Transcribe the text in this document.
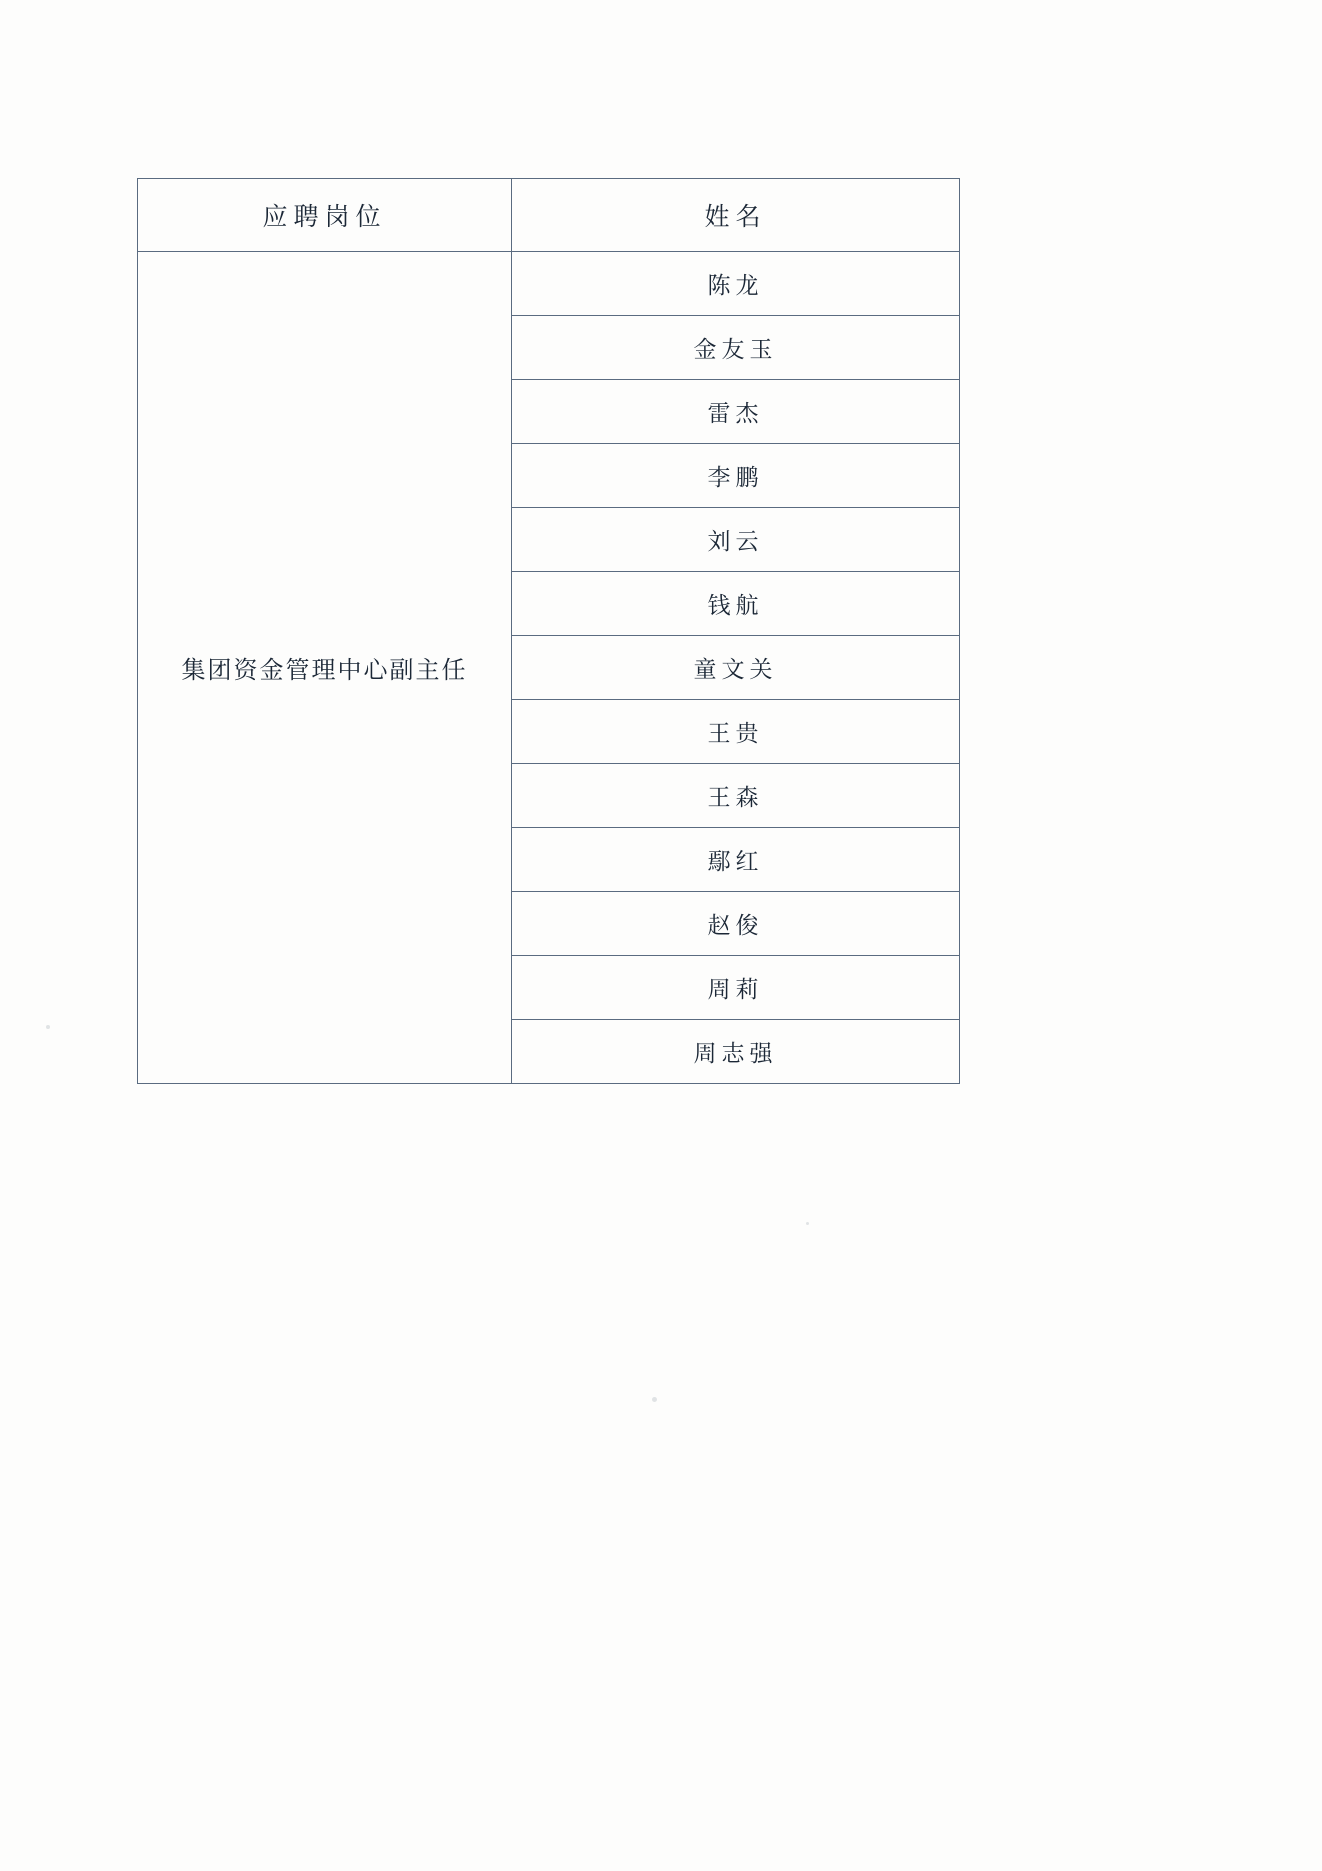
应聘岗位	姓名
集团资金管理中心副主任	陈龙
	金友玉
	雷杰
	李鹏
	刘云
	钱航
	童文关
	王贵
	王森
	鄢红
	赵俊
	周莉
	周志强
